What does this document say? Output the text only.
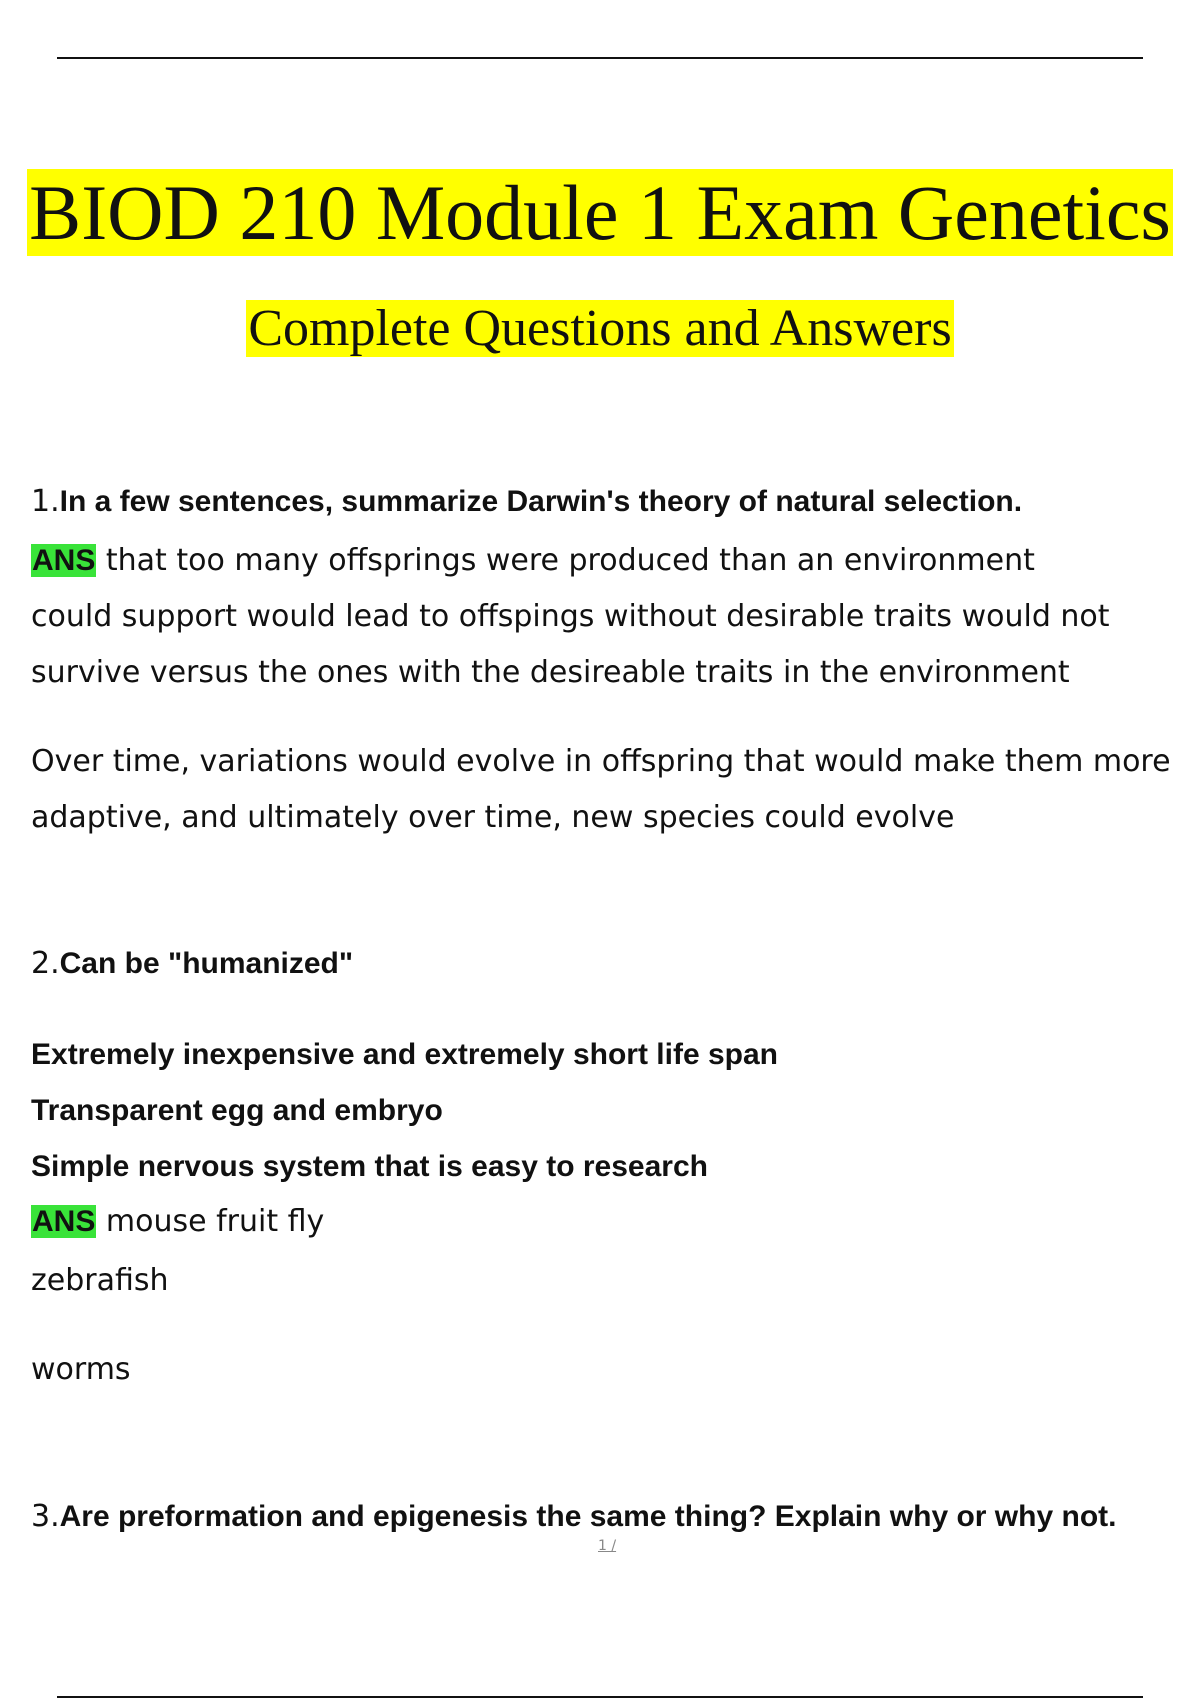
BIOD 210 Module 1 Exam Genetics
Complete Questions and Answers
1.In a few sentences, summarize Darwin's theory of natural selection.
ANS that too many offsprings were produced than an environment
could support would lead to offspings without desirable traits would not survive versus the ones with the desireable traits in the environment
Over time, variations would evolve in offspring that would make them more adaptive, and ultimately over time, new species could evolve
2.Can be "humanized"
Extremely inexpensive and extremely short life span
Transparent egg and embryo
Simple nervous system that is easy to research
ANS mouse fruit fly
zebrafish
worms
3.Are preformation and epigenesis the same thing? Explain why or why not.
1 /
